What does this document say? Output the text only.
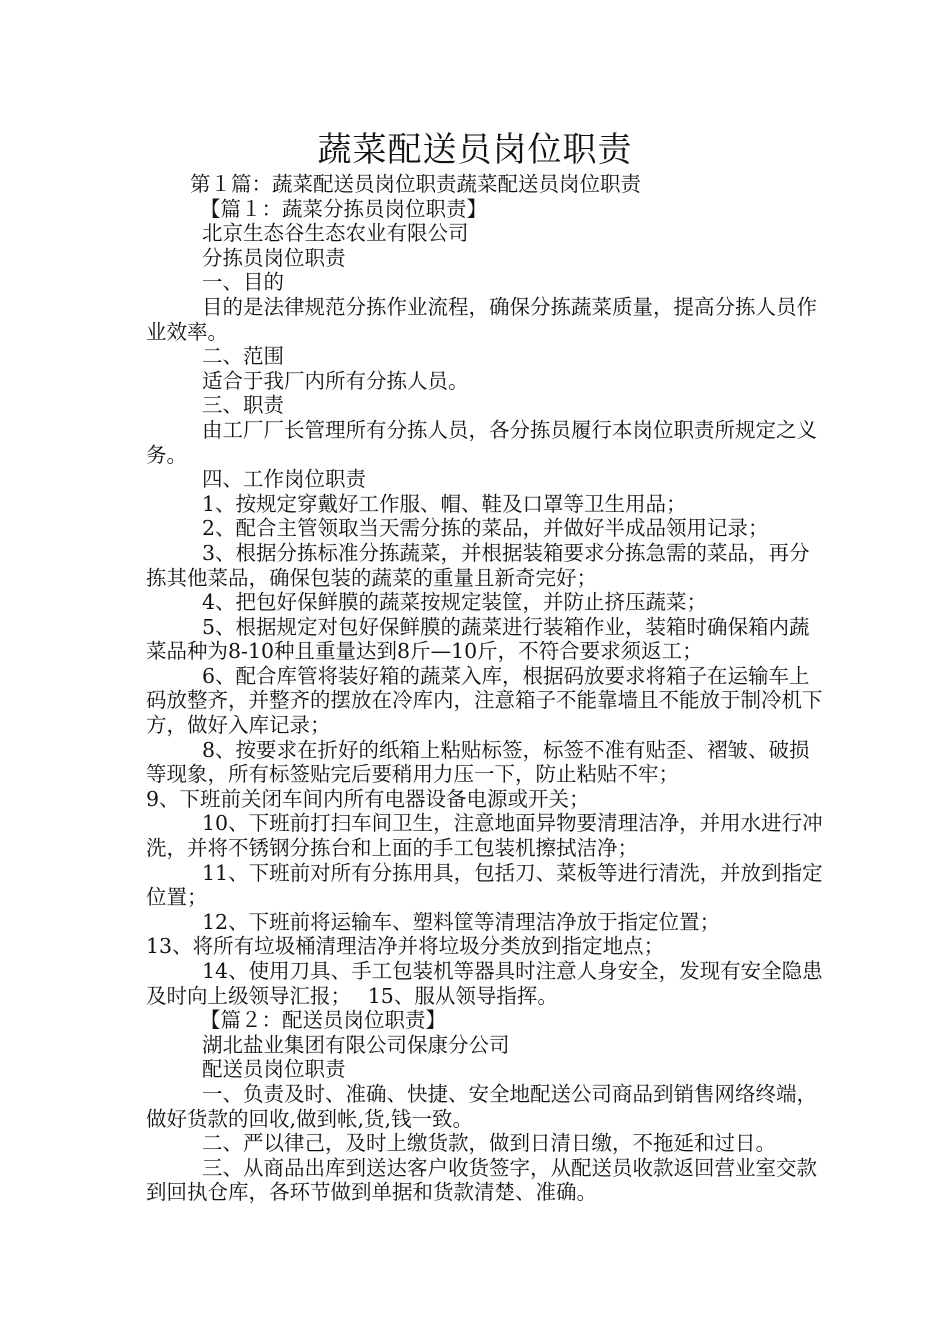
蔬菜配送员岗位职责

第１篇：蔬菜配送员岗位职责蔬菜配送员岗位职责

【篇１：蔬菜分拣员岗位职责】

北京生态谷生态农业有限公司

分拣员岗位职责

一、目的

目的是法律规范分拣作业流程，确保分拣蔬菜质量，提高分拣人员作业效率。

二、范围

适合于我厂内所有分拣人员。

三、职责

由工厂厂长管理所有分拣人员，各分拣员履行本岗位职责所规定之义务。

四、工作岗位职责

1、按规定穿戴好工作服、帽、鞋及口罩等卫生用品；

2、配合主管领取当天需分拣的菜品，并做好半成品领用记录；

3、根据分拣标准分拣蔬菜，并根据装箱要求分拣急需的菜品，再分拣其他菜品，确保包装的蔬菜的重量且新奇完好；

4、把包好保鲜膜的蔬菜按规定装筐，并防止挤压蔬菜；

5、根据规定对包好保鲜膜的蔬菜进行装箱作业，装箱时确保箱内蔬菜品种为8-10种且重量达到8斤—10斤，不符合要求须返工；

6、配合库管将装好箱的蔬菜入库，根据码放要求将箱子在运输车上码放整齐，并整齐的摆放在冷库内，注意箱子不能靠墙且不能放于制冷机下方，做好入库记录；

8、按要求在折好的纸箱上粘贴标签，标签不准有贴歪、褶皱、破损等现象，所有标签贴完后要稍用力压一下，防止粘贴不牢；

9、下班前关闭车间内所有电器设备电源或开关；

10、下班前打扫车间卫生，注意地面异物要清理洁净，并用水进行冲洗，并将不锈钢分拣台和上面的手工包装机擦拭洁净；

11、下班前对所有分拣用具，包括刀、菜板等进行清洗，并放到指定位置；

12、下班前将运输车、塑料筐等清理洁净放于指定位置；

13、将所有垃圾桶清理洁净并将垃圾分类放到指定地点；

14、使用刀具、手工包装机等器具时注意人身安全，发现有安全隐患及时向上级领导汇报；　 15、服从领导指挥。

【篇２：配送员岗位职责】

湖北盐业集团有限公司保康分公司

配送员岗位职责

一、负责及时、准确、快捷、安全地配送公司商品到销售网络终端，做好货款的回收,做到帐,货,钱一致。

二、严以律己，及时上缴货款，做到日清日缴，不拖延和过日。

三、从商品出库到送达客户收货签字，从配送员收款返回营业室交款到回执仓库，各环节做到单据和货款清楚、准确。
